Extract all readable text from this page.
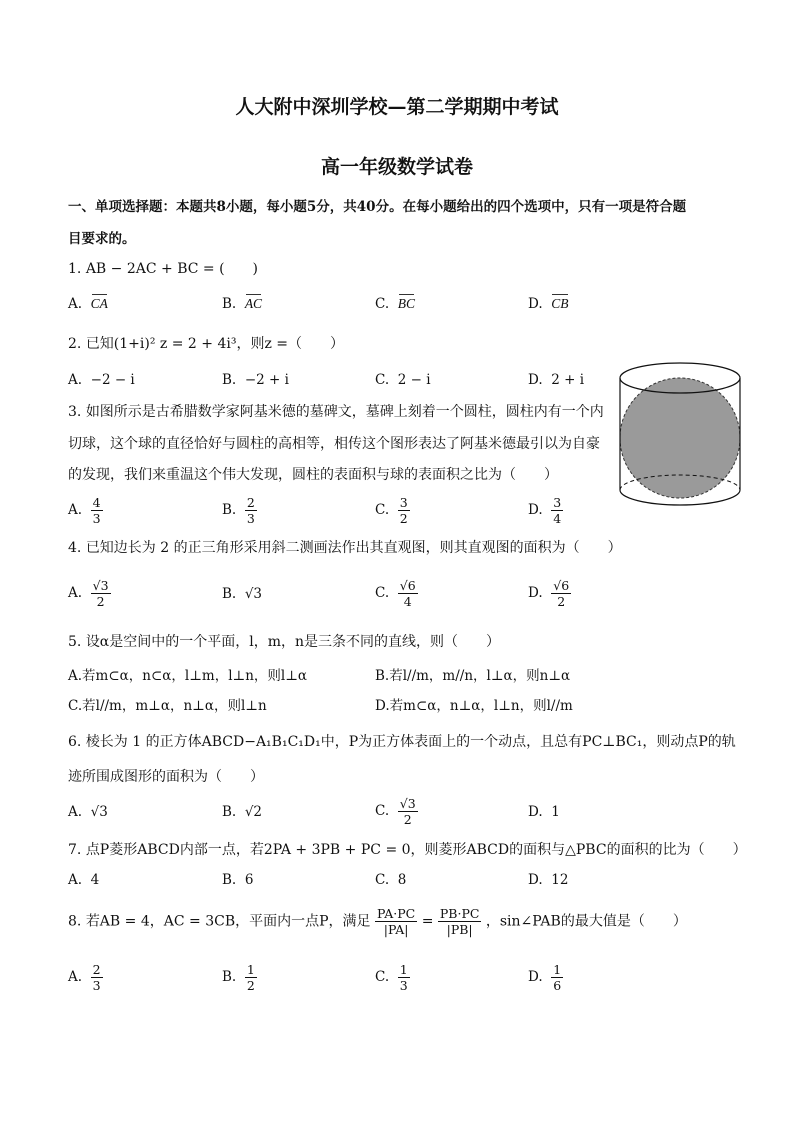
人大附中深圳学校—第二学期期中考试
高一年级数学试卷
一、单项选择题：本题共8小题，每小题5分，共40分。在每小题给出的四个选项中，只有一项是符合题
目要求的。
1. AB − 2AC + BC = (　　)
A. CA	B. AC	C. BC	D. CB
2. 已知(1+i)² z = 2 + 4i³，则z =（　　）
A. −2 − i	B. −2 + i	C. 2 − i	D. 2 + i
3. 如图所示是古希腊数学家阿基米德的墓碑文，墓碑上刻着一个圆柱，圆柱内有一个内
切球，这个球的直径恰好与圆柱的高相等，相传这个图形表达了阿基米德最引以为自豪
的发现，我们来重温这个伟大发现，圆柱的表面积与球的表面积之比为（　　）
A. $\frac{4}{3}$	B. $\frac{2}{3}$	C. $\frac{3}{2}$	D. $\frac{3}{4}$
4. 已知边长为 2 的正三角形采用斜二测画法作出其直观图，则其直观图的面积为（　　）
A. $\frac{√3}{2}$	B. √3	C. $\frac{√6}{4}$	D. $\frac{√6}{2}$
5. 设α是空间中的一个平面，l，m，n是三条不同的直线，则（　　）
A.若m⊂α，n⊂α，l⊥m，l⊥n，则l⊥α	B.若l//m，m//n，l⊥α，则n⊥α
C.若l//m，m⊥α，n⊥α，则l⊥n	D.若m⊂α，n⊥α，l⊥n，则l//m
6. 棱长为 1 的正方体ABCD−A₁B₁C₁D₁中，P为正方体表面上的一个动点，且总有PC⊥BC₁，则动点P的轨
迹所围成图形的面积为（　　）
A. √3	B. √2	C. $\frac{√3}{2}$	D. 1
7. 点P菱形ABCD内部一点，若2PA + 3PB + PC = 0，则菱形ABCD的面积与△PBC的面积的比为（　　）
A. 4	B. 6	C. 8	D. 12
8. 若AB = 4，AC = 3CB，平面内一点P，满足 $\frac{PA\cdot PC}{|PA|} = \frac{PB\cdot PC}{|PB|}$ ，sin∠PAB的最大值是（　　）
A. $\frac{2}{3}$	B. $\frac{1}{2}$	C. $\frac{1}{3}$	D. $\frac{1}{6}$
